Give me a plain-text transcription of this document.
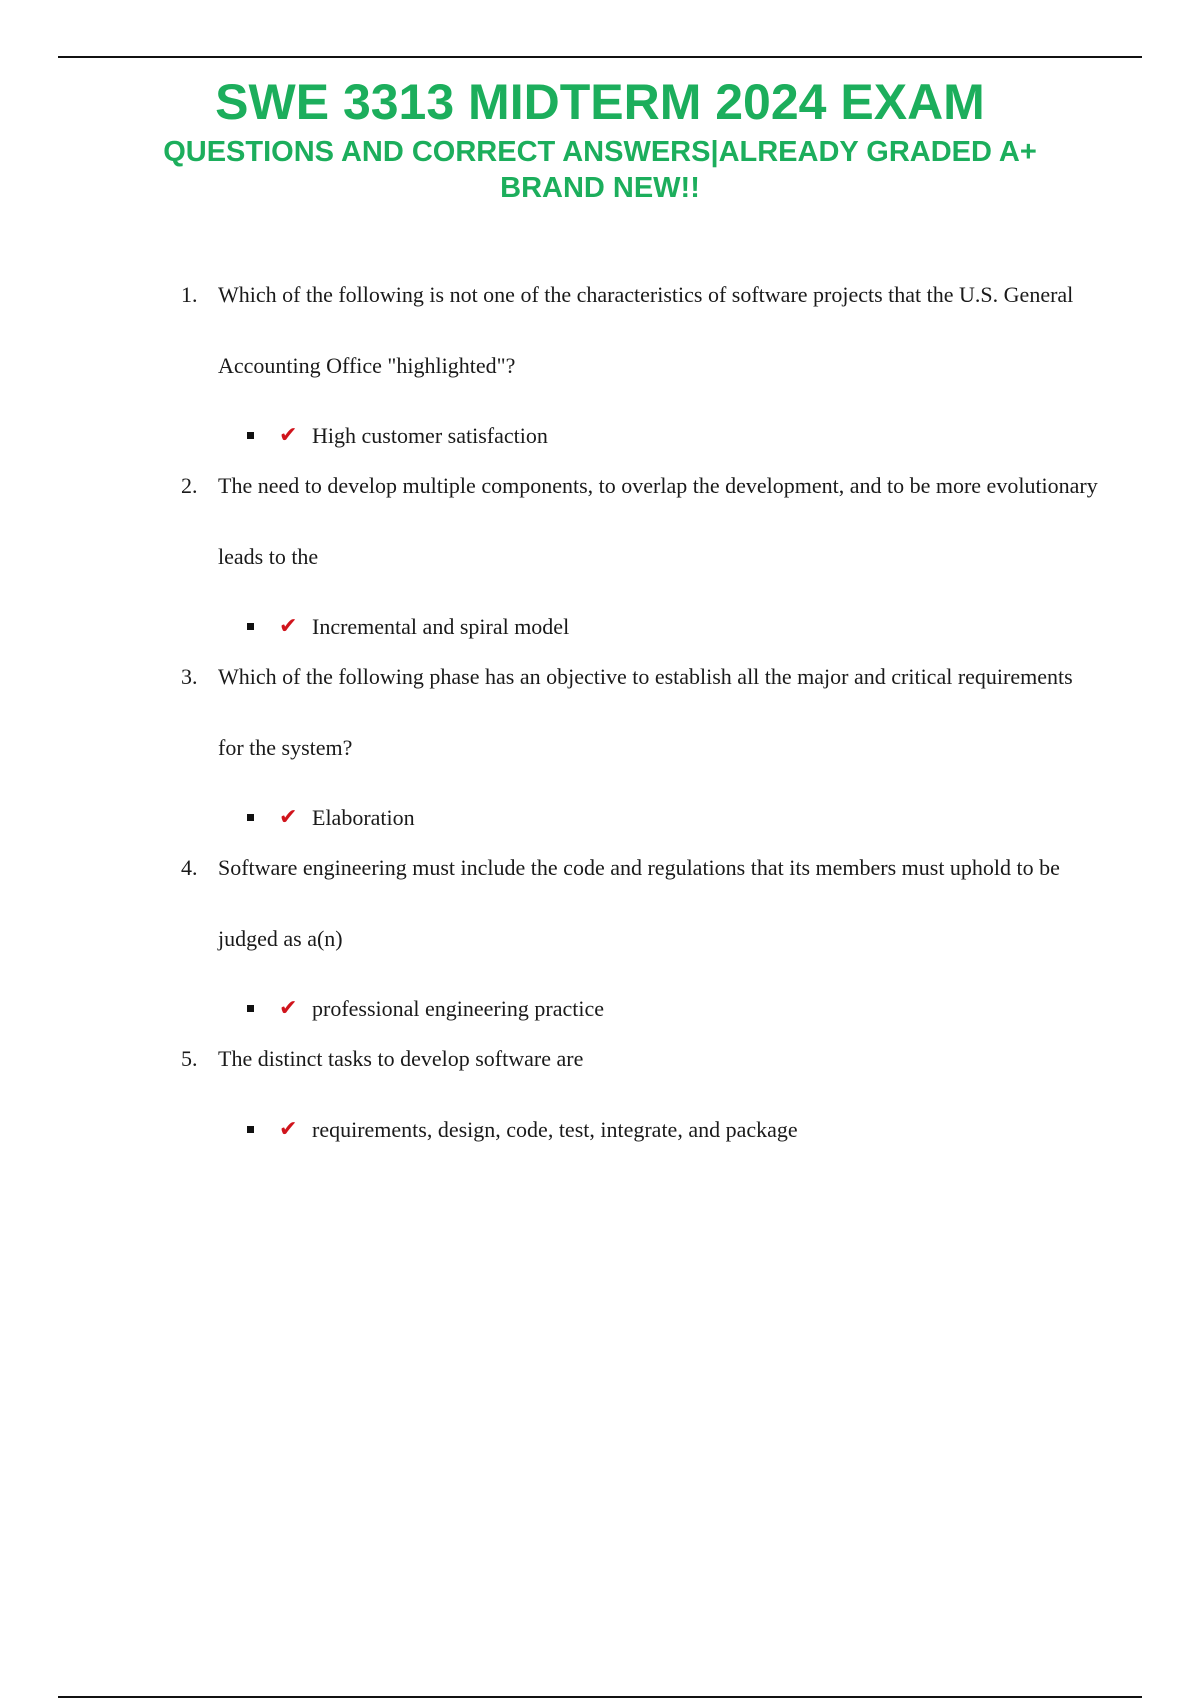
SWE 3313 MIDTERM 2024 EXAM
QUESTIONS AND CORRECT ANSWERS|ALREADY GRADED A+ BRAND NEW!!
1. Which of the following is not one of the characteristics of software projects that the U.S. General Accounting Office "highlighted"?
✔ High customer satisfaction
2. The need to develop multiple components, to overlap the development, and to be more evolutionary leads to the
✔ Incremental and spiral model
3. Which of the following phase has an objective to establish all the major and critical requirements for the system?
✔ Elaboration
4. Software engineering must include the code and regulations that its members must uphold to be judged as a(n)
✔ professional engineering practice
5. The distinct tasks to develop software are
✔ requirements, design, code, test, integrate, and package
